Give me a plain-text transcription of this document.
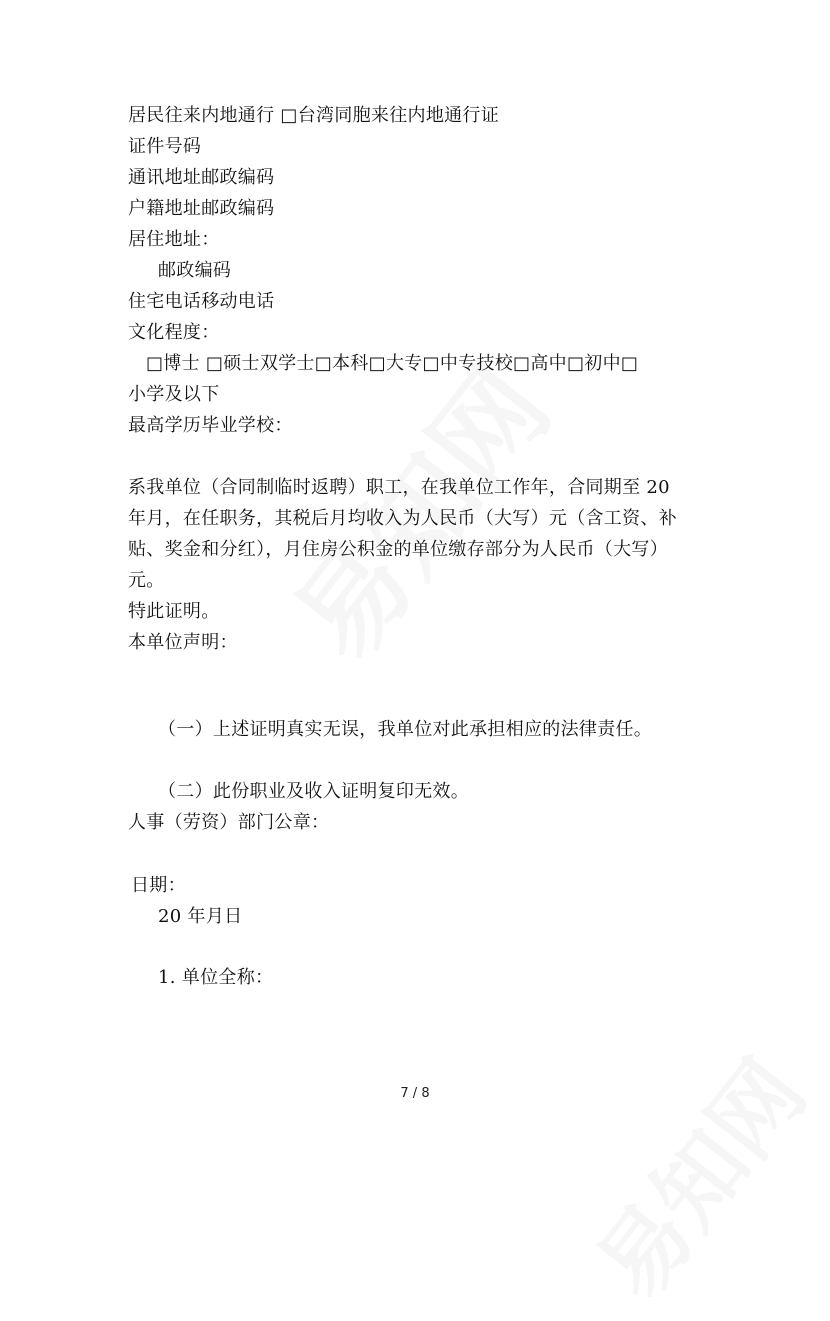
居民往来内地通行 □台湾同胞来往内地通行证
证件号码
通讯地址邮政编码
户籍地址邮政编码
居住地址：
邮政编码
住宅电话移动电话
文化程度：
□博士 □硕士双学士□本科□大专□中专技校□高中□初中□
小学及以下
最高学历毕业学校：
系我单位（合同制临时返聘）职工，在我单位工作年，合同期至 20
年月，在任职务，其税后月均收入为人民币（大写）元（含工资、补
贴、奖金和分红），月住房公积金的单位缴存部分为人民币（大写）
元。
特此证明。
本单位声明：
（一）上述证明真实无误，我单位对此承担相应的法律责任。
（二）此份职业及收入证明复印无效。
人事（劳资）部门公章：
日期：
20 年月日
1. 单位全称：
7 / 8
